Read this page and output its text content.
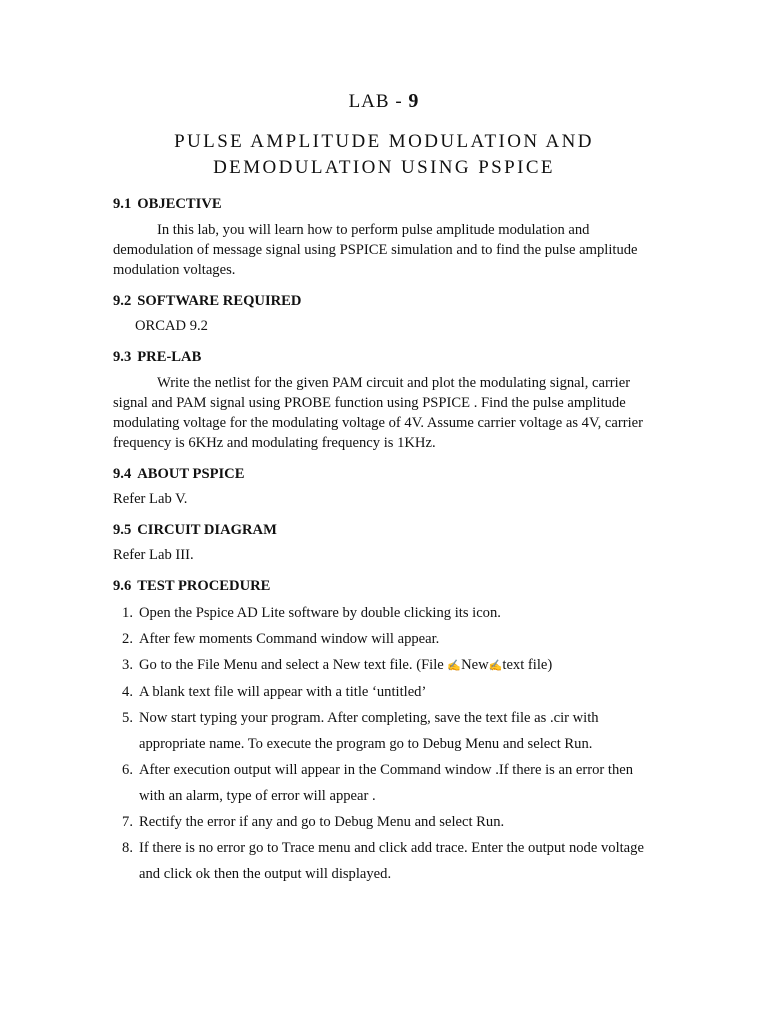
LAB - 9
PULSE AMPLITUDE MODULATION AND
DEMODULATION USING PSPICE
9.1 OBJECTIVE
In this lab, you will learn how to perform pulse amplitude modulation and demodulation of message signal using PSPICE simulation and to find the pulse amplitude modulation voltages.
9.2 SOFTWARE REQUIRED
ORCAD 9.2
9.3 PRE-LAB
Write the netlist for the given PAM circuit and plot the modulating signal, carrier signal and PAM signal using PROBE function using PSPICE . Find the pulse amplitude modulating voltage for the modulating voltage of 4V. Assume carrier voltage as 4V, carrier frequency is 6KHz and modulating frequency is 1KHz.
9.4 ABOUT PSPICE
Refer Lab V.
9.5 CIRCUIT DIAGRAM
Refer Lab III.
9.6 TEST PROCEDURE
1. Open the Pspice AD Lite software by double clicking its icon.
2. After few moments Command window will appear.
3. Go to the File Menu and select a New text file. (File ✍New✍text file)
4. A blank text file will appear with a title ‘untitled’
5. Now start typing your program. After completing, save the text file as .cir with appropriate name. To execute the program go to Debug Menu and select Run.
6. After execution output will appear in the Command window .If there is an error then with an alarm, type of error will appear .
7. Rectify the error if any and go to Debug Menu and select Run.
8. If there is no error go to Trace menu and click add trace. Enter the output node voltage and click ok then the output will displayed.
